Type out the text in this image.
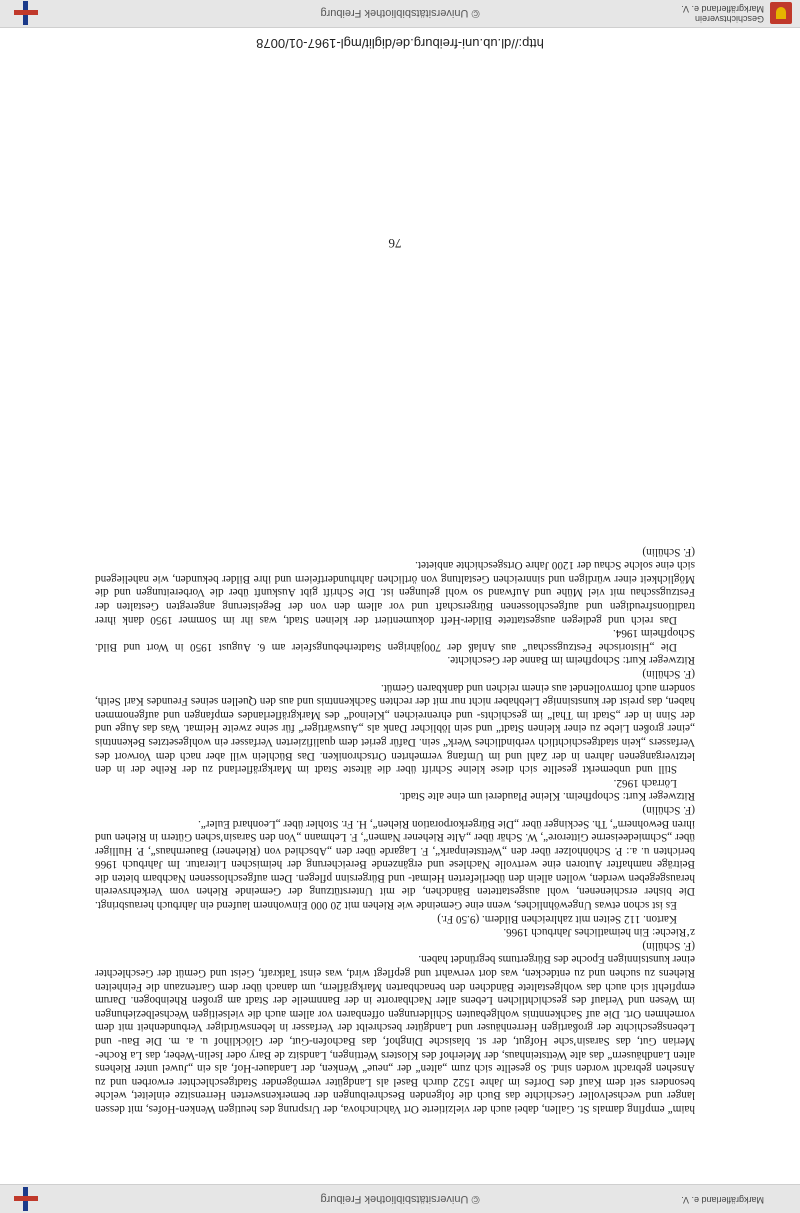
© Universitätsbibliothek Freiburg	Markgräflerland e. V.

haim“ empfing damals St. Gallen, dabei auch der vielzitierte Ort Vahcinchova, der Ursprung des heutigen Wenken-Hofes, mit dessen langer und wechselvoller Geschichte das Buch die folgenden Beschreibungen der bemerkenswerten Herrensitze einleitet, welche besonders seit dem Kauf des Dorfes im Jahre 1522 durch Basel als Landgüter vermögender Stadtgeschlechter erworben und zu Ansehen gebracht worden sind. So gesellte sich zum „alten“ der „neue“ Wenken, der Landauer-Hof, als ein „Juwel unter Riehens alten Landhäusern“ das alte Wettsteinhaus, der Meierhof des Klosters Wettingen, Landsitz de Bary oder Iselin-Weber, das La Roche-Merian Gut, das Sarasin’sche Hofgut, der st. blasische Dinghof, das Bachofen-Gut, der Glöcklihof u. a. m. Die Bau- und Lebensgeschichte der großartigen Herrenhäuser und Landgüter beschreibt der Verfasser in lebenswürdiger Verbundenheit mit dem vornehmen Ort. Die auf Sachkenntnis wohlgebauten Schilderungen offenbaren vor allem auch die vielseitigen Wechselbeziehungen im Wesen und Verlauf des geschichtlichen Lebens aller Nachbarorte in der Bannmeile der Stadt am großen Rheinbogen. Darum empfiehlt sich auch das wohlgestaltete Bändchen den benachbarten Markgräflern, um danach über dem Gartenzaun die Feinheiten Riehens zu suchen und zu entdecken, was dort verwahrt und gepflegt wird, was einst Tatkraft, Geist und Gemüt der Geschlechter einer kunstsinnigen Epoche des Bürgertums begründet haben.

(F. Schülin)

z‘Rieche: Ein heimatliches Jahrbuch 1966.

Karton. 112 Seiten mit zahlreichen Bildern. (9.50 Fr.)

Es ist schon etwas Ungewöhnliches, wenn eine Gemeinde wie Riehen mit 20 000 Einwohnern laufend ein Jahrbuch herausbringt. Die bisher erschienenen, wohl ausgestatteten Bändchen, die mit Unterstützung der Gemeinde Riehen vom Verkehrsverein herausgegeben werden, wollen allein den überlieferten Heimat- und Bürgersinn pflegen. Dem aufgeschlossenen Nachbarn bieten die Beiträge namhafter Autoren eine wertvolle Nachlese und ergänzende Bereicherung der heimischen Literatur. Im Jahrbuch 1966 berichten u. a.: P. Schönholzer über den „Wettsteinpark“, F. Lagarde über den „Abschied von (Riehener) Bauernhaus“, P. Hulliger über „Schmiedeeiserne Gitterore“, W. Schär über „Alte Riehener Namen“, F. Lehmann „Von den Sarasin’schen Gütern in Riehen und ihren Bewohnern“, Th. Seckinger über „Die Bürgerkorporation Riehen“, H. Fr. Stohler über „Leonhard Euler“.

(F. Schülin)

Ritzweger Kurt: Schopfheim. Kleine Plauderei um eine alte Stadt.

Lörrach 1962.

Still und unbemerkt gesellte sich diese kleine Schrift über die älteste Stadt im Markgräflerland zu der Reihe der in den letztvergangenen Jahren in der Zahl und im Umfang vermehrten Ortschroniken. Das Büchlein will aber nach dem Vorwort des Verfassers „kein stadtgeschichtlich verbindliches Werk“ sein. Dafür geriet dem qualifizierten Verfasser ein wohlgesetztes Bekenntnis „einer großen Liebe zu einer kleinen Stadt“ und sein löblicher Dank als „Auswärtiger“ für seine zweite Heimat. Was das Auge und der Sinn in der „Stadt im Thal“ im geschichts- und ehrenreichen „Kleinod“ des Markgräflerlandes empfangen und aufgenommen haben, das preist der kunstsinnige Liebhaber nicht nur mit der rechten Sachkenntnis und aus den Quellen seines Freundes Karl Seith, sondern auch formvollendet aus einem reichen und dankbaren Gemüt.

(F. Schülin)

Ritzweger Kurt: Schopfheim im Banne der Geschichte.

Die „Historische Festzugsschau“ aus Anlaß der 700jährigen Stadterhebungsfeier am 6. August 1950 in Wort und Bild. Schopfheim 1964.

Das reich und gediegen ausgestattete Bilder-Heft dokumentiert der kleinen Stadt, was ihr im Sommer 1950 dank ihrer traditionsfreudigen und aufgeschlossenen Bürgerschaft und vor allem den von der Begeisterung angeregten Gestalten der Festzugsschau mit viel Mühe und Aufwand so wohl gelungen ist. Die Schrift gibt Auskunft über die Vorbereitungen und die Möglichkeit einer würdigen und sinnreichen Gestaltung von örtlichen Jahrhundertfeiern und ihre Bilder bekunden, wie naheliegend sich eine solche Schau der 1200 Jahre Ortsgeschichte anbietet.

(F. Schülin)

76
http://dl.ub.uni-freiburg.de/diglit/mgl-1967-01/0078
Geschichtsverein
Markgräflerland e. V.
© Universitätsbibliothek Freiburg
